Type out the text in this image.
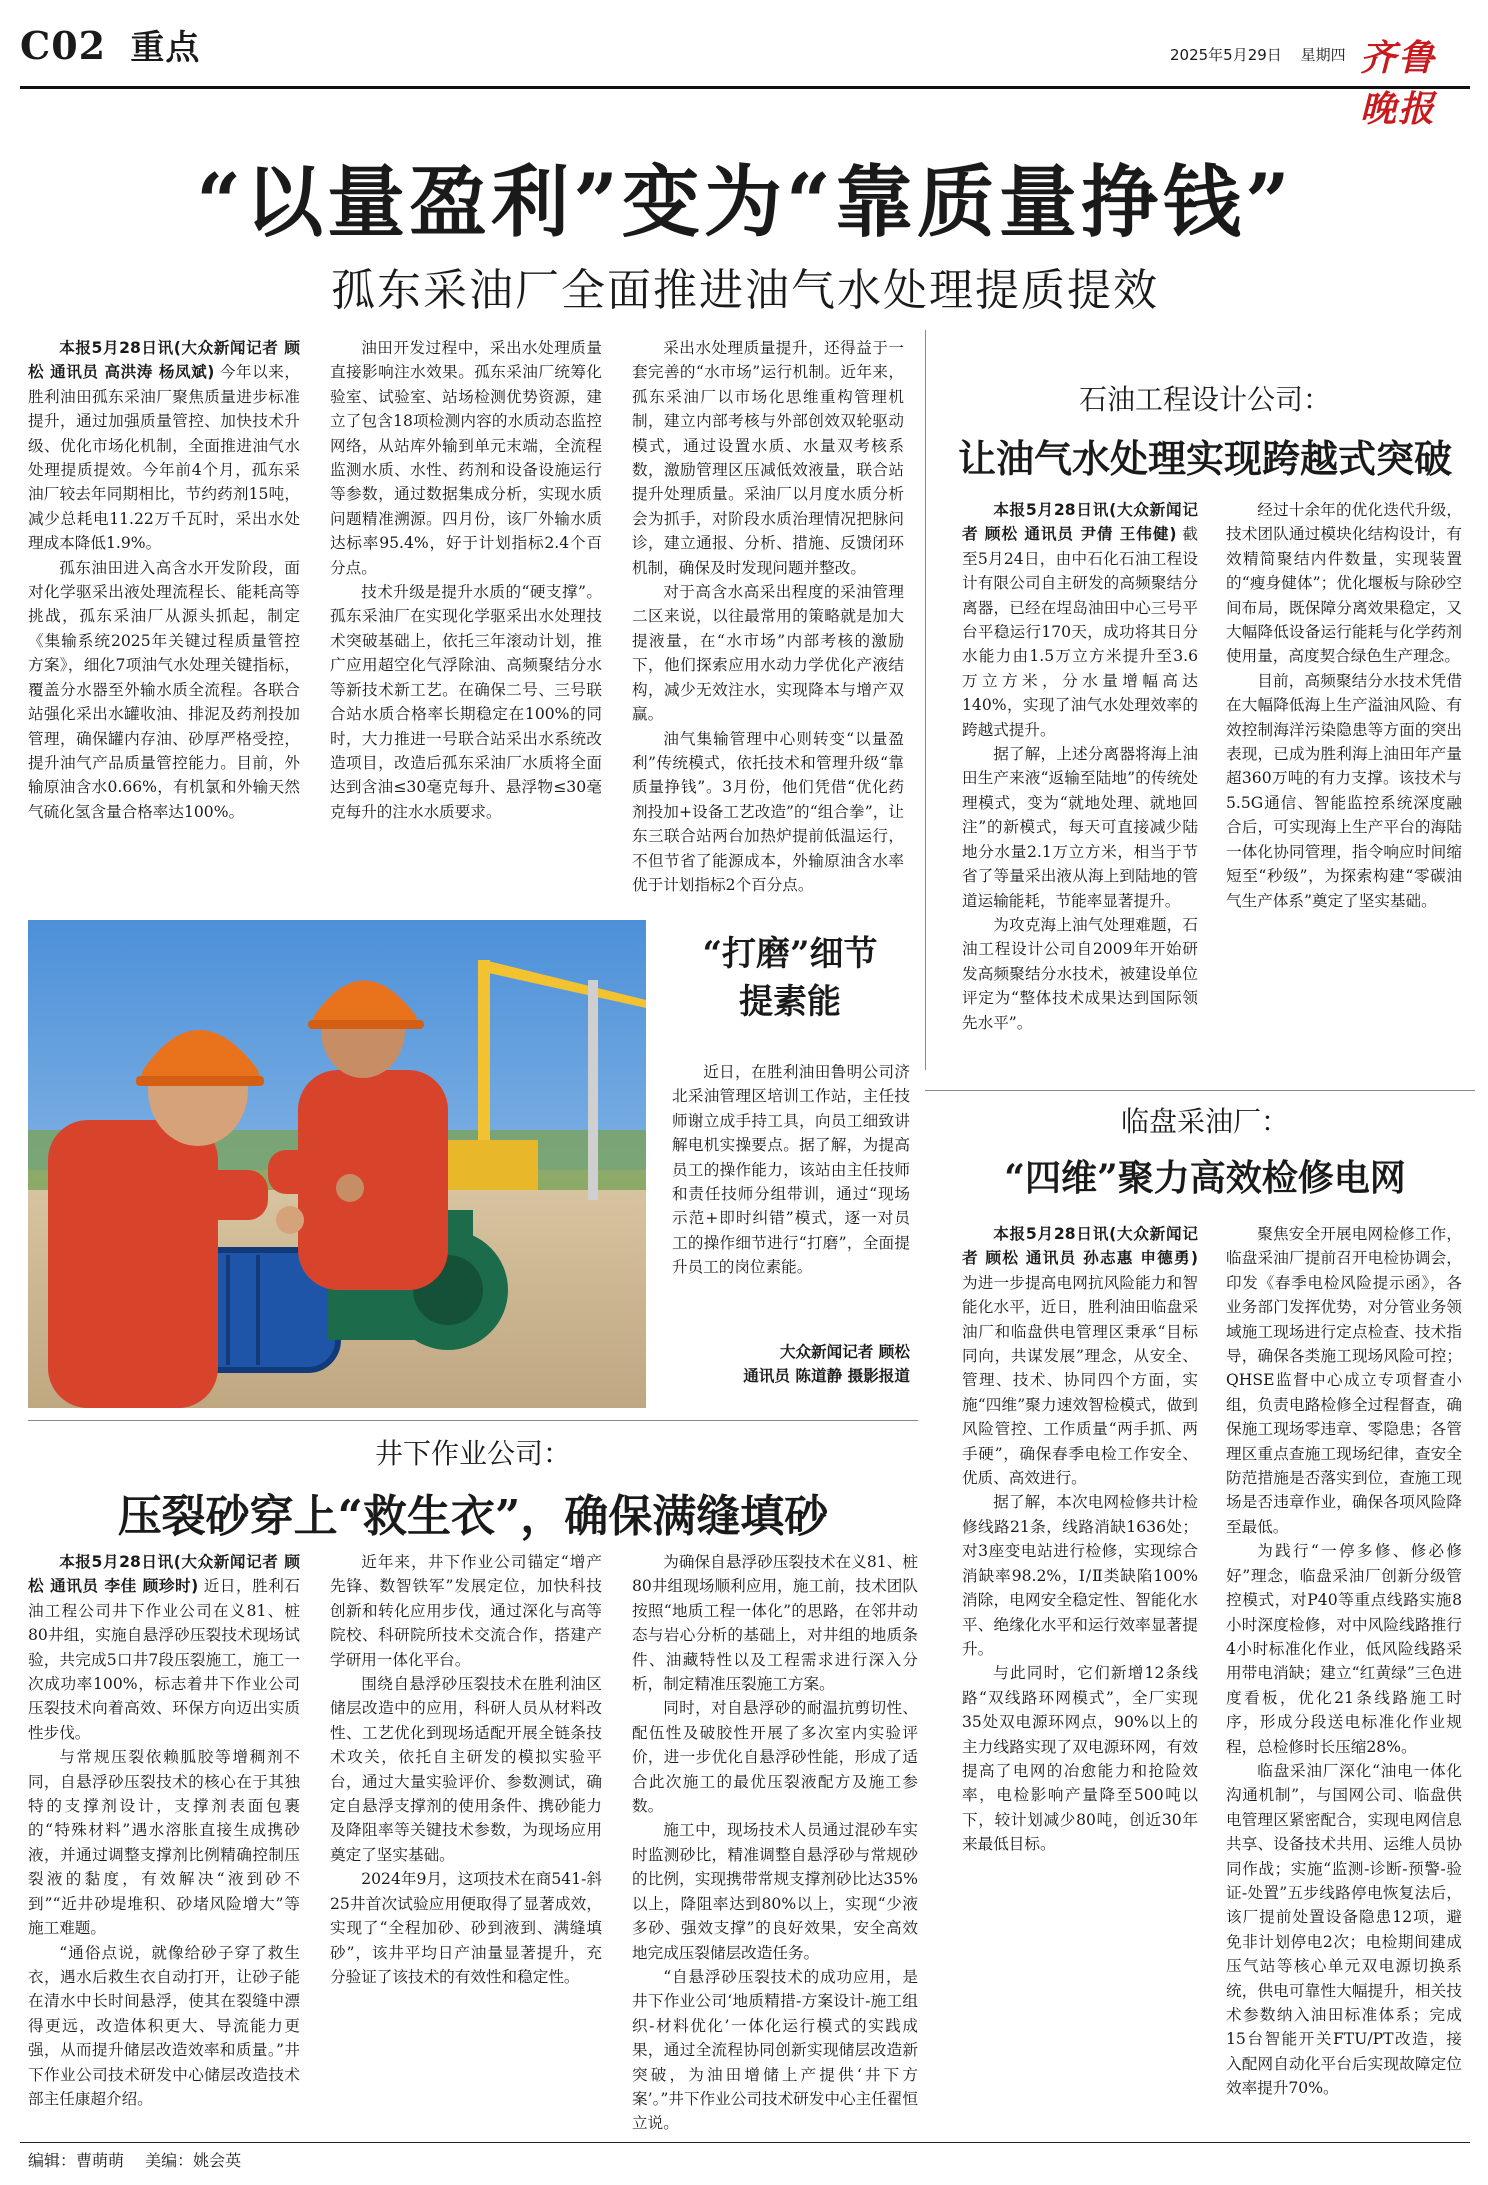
C02 重点	2025年5月29日 星期四 齐鲁晚报
“以量盈利”变为“靠质量挣钱”
孤东采油厂全面推进油气水处理提质提效

本报5月28日讯(大众新闻记者 顾松 通讯员 高洪涛 杨凤斌) 今年以来，胜利油田孤东采油厂聚焦质量进步标准提升，通过加强质量管控、加快技术升级、优化市场化机制，全面推进油气水处理提质提效。今年前4个月，孤东采油厂较去年同期相比，节约药剂15吨，减少总耗电11.22万千瓦时，采出水处理成本降低1.9%。

孤东油田进入高含水开发阶段，面对化学驱采出液处理流程长、能耗高等挑战，孤东采油厂从源头抓起，制定《集输系统2025年关键过程质量管控方案》，细化7项油气水处理关键指标，覆盖分水器至外输水质全流程。各联合站强化采出水罐收油、排泥及药剂投加管理，确保罐内存油、砂厚严格受控，提升油气产品质量管控能力。目前，外输原油含水0.66%，有机氯和外输天然气硫化氢含量合格率达100%。

油田开发过程中，采出水处理质量直接影响注水效果。孤东采油厂统筹化验室、试验室、站场检测优势资源，建立了包含18项检测内容的水质动态监控网络，从站库外输到单元末端，全流程监测水质、水性、药剂和设备设施运行等参数，通过数据集成分析，实现水质问题精准溯源。四月份，该厂外输水质达标率95.4%，好于计划指标2.4个百分点。

技术升级是提升水质的“硬支撑”。孤东采油厂在实现化学驱采出水处理技术突破基础上，依托三年滚动计划，推广应用超空化气浮除油、高频聚结分水等新技术新工艺。在确保二号、三号联合站水质合格率长期稳定在100%的同时，大力推进一号联合站采出水系统改造项目，改造后孤东采油厂水质将全面达到含油≤30毫克每升、悬浮物≤30毫克每升的注水水质要求。

采出水处理质量提升，还得益于一套完善的“水市场”运行机制。近年来，孤东采油厂以市场化思维重构管理机制，建立内部考核与外部创效双轮驱动模式，通过设置水质、水量双考核系数，激励管理区压减低效液量，联合站提升处理质量。采油厂以月度水质分析会为抓手，对阶段水质治理情况把脉问诊，建立通报、分析、措施、反馈闭环机制，确保及时发现问题并整改。

对于高含水高采出程度的采油管理二区来说，以往最常用的策略就是加大提液量，在“水市场”内部考核的激励下，他们探索应用水动力学优化产液结构，减少无效注水，实现降本与增产双赢。

油气集输管理中心则转变“以量盈利”传统模式，依托技术和管理升级“靠质量挣钱”。3月份，他们凭借“优化药剂投加+设备工艺改造”的“组合拳”，让东三联合站两台加热炉提前低温运行，不但节省了能源成本，外输原油含水率优于计划指标2个百分点。

石油工程设计公司：
让油气水处理实现跨越式突破

本报5月28日讯(大众新闻记者 顾松 通讯员 尹倩 王伟健) 截至5月24日，由中石化石油工程设计有限公司自主研发的高频聚结分离器，已经在埕岛油田中心三号平台平稳运行170天，成功将其日分水能力由1.5万立方米提升至3.6万立方米，分水量增幅高达140%，实现了油气水处理效率的跨越式提升。

据了解，上述分离器将海上油田生产来液“返输至陆地”的传统处理模式，变为“就地处理、就地回注”的新模式，每天可直接减少陆地分水量2.1万立方米，相当于节省了等量采出液从海上到陆地的管道运输能耗，节能率显著提升。

为攻克海上油气处理难题，石油工程设计公司自2009年开始研发高频聚结分水技术，被建设单位评定为“整体技术成果达到国际领先水平”。

经过十余年的优化迭代升级，技术团队通过模块化结构设计，有效精简聚结内件数量，实现装置的“瘦身健体”；优化堰板与除砂空间布局，既保障分离效果稳定，又大幅降低设备运行能耗与化学药剂使用量，高度契合绿色生产理念。

目前，高频聚结分水技术凭借在大幅降低海上生产溢油风险、有效控制海洋污染隐患等方面的突出表现，已成为胜利海上油田年产量超360万吨的有力支撑。该技术与5.5G通信、智能监控系统深度融合后，可实现海上生产平台的海陆一体化协同管理，指令响应时间缩短至“秒级”，为探索构建“零碳油气生产体系”奠定了坚实基础。

“打磨”细节
提素能

近日，在胜利油田鲁明公司济北采油管理区培训工作站，主任技师谢立成手持工具，向员工细致讲解电机实操要点。据了解，为提高员工的操作能力，该站由主任技师和责任技师分组带训，通过“现场示范+即时纠错”模式，逐一对员工的操作细节进行“打磨”，全面提升员工的岗位素能。

大众新闻记者 顾松
通讯员 陈道静 摄影报道
临盘采油厂：
“四维”聚力高效检修电网

本报5月28日讯(大众新闻记者 顾松 通讯员 孙志惠 申德勇) 为进一步提高电网抗风险能力和智能化水平，近日，胜利油田临盘采油厂和临盘供电管理区秉承“目标同向，共谋发展”理念，从安全、管理、技术、协同四个方面，实施“四维”聚力速效智检模式，做到风险管控、工作质量“两手抓、两手硬”，确保春季电检工作安全、优质、高效进行。

据了解，本次电网检修共计检修线路21条，线路消缺1636处；对3座变电站进行检修，实现综合消缺率98.2%，Ⅰ/Ⅱ类缺陷100%消除，电网安全稳定性、智能化水平、绝缘化水平和运行效率显著提升。

与此同时，它们新增12条线路“双线路环网模式”，全厂实现35处双电源环网点，90%以上的主力线路实现了双电源环网，有效提高了电网的冶愈能力和抢险效率，电检影响产量降至500吨以下，较计划减少80吨，创近30年来最低目标。

聚焦安全开展电网检修工作，临盘采油厂提前召开电检协调会，印发《春季电检风险提示函》，各业务部门发挥优势，对分管业务领域施工现场进行定点检查、技术指导，确保各类施工现场风险可控；QHSE监督中心成立专项督查小组，负责电路检修全过程督查，确保施工现场零违章、零隐患；各管理区重点查施工现场纪律，查安全防范措施是否落实到位，查施工现场是否违章作业，确保各项风险降至最低。

为践行“一停多修、修必修好”理念，临盘采油厂创新分级管控模式，对P40等重点线路实施8小时深度检修，对中风险线路推行4小时标准化作业，低风险线路采用带电消缺；建立“红黄绿”三色进度看板，优化21条线路施工时序，形成分段送电标准化作业规程，总检修时长压缩28%。

临盘采油厂深化“油电一体化沟通机制”，与国网公司、临盘供电管理区紧密配合，实现电网信息共享、设备技术共用、运维人员协同作战；实施“监测-诊断-预警-验证-处置”五步线路停电恢复法后，该厂提前处置设备隐患12项，避免非计划停电2次；电检期间建成压气站等核心单元双电源切换系统，供电可靠性大幅提升，相关技术参数纳入油田标准体系；完成15台智能开关FTU/PT改造，接入配网自动化平台后实现故障定位效率提升70%。

井下作业公司：
压裂砂穿上“救生衣”，确保满缝填砂

本报5月28日讯(大众新闻记者 顾松 通讯员 李佳 顾珍时) 近日，胜利石油工程公司井下作业公司在义81、桩80井组，实施自悬浮砂压裂技术现场试验，共完成5口井7段压裂施工，施工一次成功率100%，标志着井下作业公司压裂技术向着高效、环保方向迈出实质性步伐。

与常规压裂依赖胍胶等增稠剂不同，自悬浮砂压裂技术的核心在于其独特的支撑剂设计，支撑剂表面包裹的“特殊材料”遇水溶胀直接生成携砂液，并通过调整支撑剂比例精确控制压裂液的黏度，有效解决“液到砂不到”“近井砂堤堆积、砂堵风险增大”等施工难题。

“通俗点说，就像给砂子穿了救生衣，遇水后救生衣自动打开，让砂子能在清水中长时间悬浮，使其在裂缝中漂得更远，改造体积更大、导流能力更强，从而提升储层改造效率和质量。”井下作业公司技术研发中心储层改造技术部主任康超介绍。

近年来，井下作业公司锚定“增产先锋、数智铁军”发展定位，加快科技创新和转化应用步伐，通过深化与高等院校、科研院所技术交流合作，搭建产学研用一体化平台。

围绕自悬浮砂压裂技术在胜利油区储层改造中的应用，科研人员从材料改性、工艺优化到现场适配开展全链条技术攻关，依托自主研发的模拟实验平台，通过大量实验评价、参数测试，确定自悬浮支撑剂的使用条件、携砂能力及降阻率等关键技术参数，为现场应用奠定了坚实基础。

2024年9月，这项技术在商541-斜25井首次试验应用便取得了显著成效，实现了“全程加砂、砂到液到、满缝填砂”，该井平均日产油量显著提升，充分验证了该技术的有效性和稳定性。

为确保自悬浮砂压裂技术在义81、桩80井组现场顺利应用，施工前，技术团队按照“地质工程一体化”的思路，在邻井动态与岩心分析的基础上，对井组的地质条件、油藏特性以及工程需求进行深入分析，制定精准压裂施工方案。

同时，对自悬浮砂的耐温抗剪切性、配伍性及破胶性开展了多次室内实验评价，进一步优化自悬浮砂性能，形成了适合此次施工的最优压裂液配方及施工参数。

施工中，现场技术人员通过混砂车实时监测砂比，精准调整自悬浮砂与常规砂的比例，实现携带常规支撑剂砂比达35%以上，降阻率达到80%以上，实现“少液多砂、强效支撑”的良好效果，安全高效地完成压裂储层改造任务。

“自悬浮砂压裂技术的成功应用，是井下作业公司‘地质精措-方案设计-施工组织-材料优化’一体化运行模式的实践成果，通过全流程协同创新实现储层改造新突破，为油田增储上产提供‘井下方案’。”井下作业公司技术研发中心主任翟恒立说。

编辑：曹萌萌 美编：姚会英
